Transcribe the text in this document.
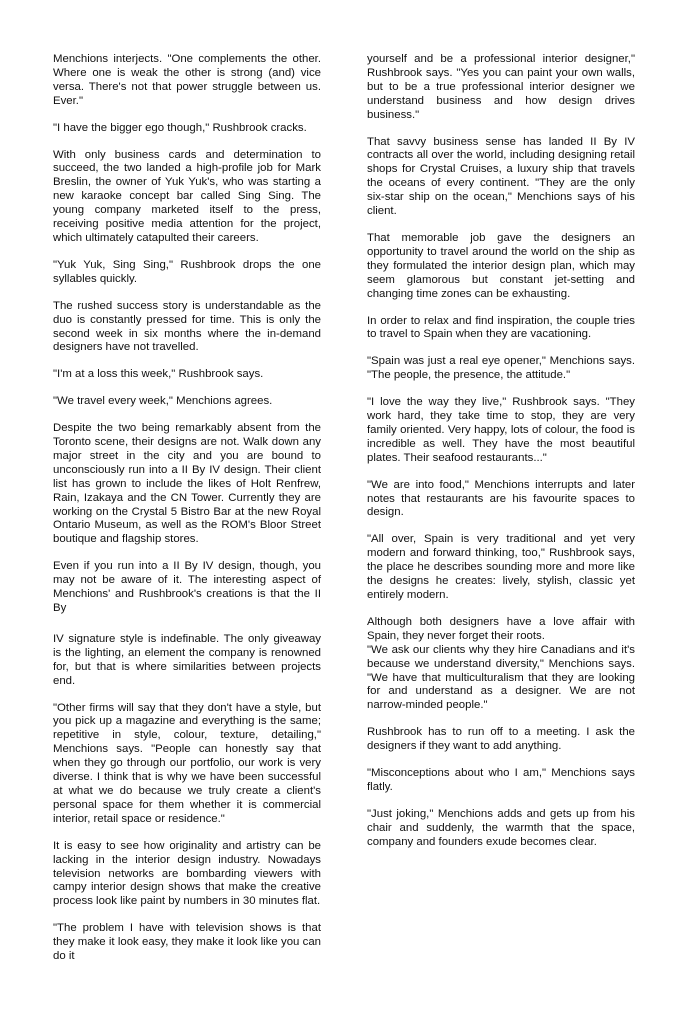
Menchions interjects. "One complements the other. Where one is weak the other is strong (and) vice versa. There's not that power struggle between us. Ever."

"I have the bigger ego though," Rushbrook cracks.

With only business cards and determination to succeed, the two landed a high-profile job for Mark Breslin, the owner of Yuk Yuk's, who was starting a new karaoke concept bar called Sing Sing. The young company marketed itself to the press, receiving positive media attention for the project, which ultimately catapulted their careers.

"Yuk Yuk, Sing Sing," Rushbrook drops the one syllables quickly.

The rushed success story is understandable as the duo is constantly pressed for time. This is only the second week in six months where the in-demand designers have not travelled.

"I'm at a loss this week," Rushbrook says.

"We travel every week," Menchions agrees.

Despite the two being remarkably absent from the Toronto scene, their designs are not. Walk down any major street in the city and you are bound to unconsciously run into a II By IV design. Their client list has grown to include the likes of Holt Renfrew, Rain, Izakaya and the CN Tower. Currently they are working on the Crystal 5 Bistro Bar at the new Royal Ontario Museum, as well as the ROM's Bloor Street boutique and flagship stores.

Even if you run into a II By IV design, though, you may not be aware of it. The interesting aspect of Menchions' and Rushbrook's creations is that the II By

IV signature style is indefinable. The only giveaway is the lighting, an element the company is renowned for, but that is where similarities between projects end.

"Other firms will say that they don't have a style, but you pick up a magazine and everything is the same; repetitive in style, colour, texture, detailing," Menchions says. "People can honestly say that when they go through our portfolio, our work is very diverse. I think that is why we have been successful at what we do because we truly create a client's personal space for them whether it is commercial interior, retail space or residence."

It is easy to see how originality and artistry can be lacking in the interior design industry. Nowadays television networks are bombarding viewers with campy interior design shows that make the creative process look like paint by numbers in 30 minutes flat.

"The problem I have with television shows is that they make it look easy, they make it look like you can do it

yourself and be a professional interior designer," Rushbrook says. "Yes you can paint your own walls, but to be a true professional interior designer we understand business and how design drives business."

That savvy business sense has landed II By IV contracts all over the world, including designing retail shops for Crystal Cruises, a luxury ship that travels the oceans of every continent. "They are the only six-star ship on the ocean," Menchions says of his client.

That memorable job gave the designers an opportunity to travel around the world on the ship as they formulated the interior design plan, which may seem glamorous but constant jet-setting and changing time zones can be exhausting.

In order to relax and find inspiration, the couple tries to travel to Spain when they are vacationing.

"Spain was just a real eye opener," Menchions says. "The people, the presence, the attitude."

"I love the way they live," Rushbrook says. "They work hard, they take time to stop, they are very family oriented. Very happy, lots of colour, the food is incredible as well. They have the most beautiful plates. Their seafood restaurants..."

"We are into food," Menchions interrupts and later notes that restaurants are his favourite spaces to design.

"All over, Spain is very traditional and yet very modern and forward thinking, too," Rushbrook says, the place he describes sounding more and more like the designs he creates: lively, stylish, classic yet entirely modern.

Although both designers have a love affair with Spain, they never forget their roots.

"We ask our clients why they hire Canadians and it's because we understand diversity," Menchions says. "We have that multiculturalism that they are looking for and understand as a designer. We are not narrow-minded people."

Rushbrook has to run off to a meeting. I ask the designers if they want to add anything.

"Misconceptions about who I am," Menchions says flatly.

"Just joking," Menchions adds and gets up from his chair and suddenly, the warmth that the space, company and founders exude becomes clear.
